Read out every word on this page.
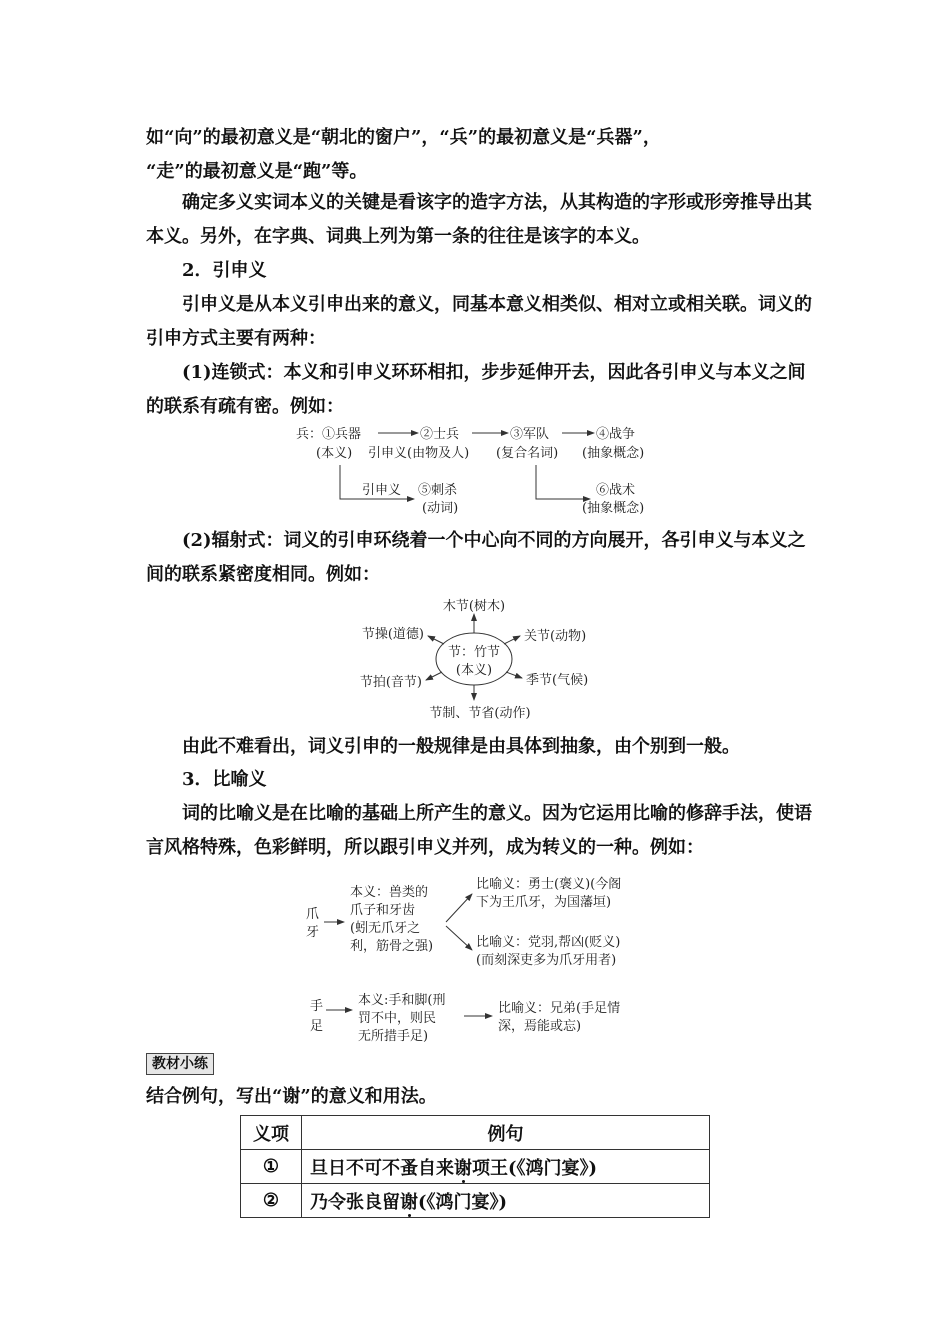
如“向”的最初意义是“朝北的窗户”，“兵”的最初意义是“兵器”，
“走”的最初意义是“跑”等。

确定多义实词本义的关键是看该字的造字方法，从其构造的字形或形旁推导出其本义。另外，在字典、词典上列为第一条的往往是该字的本义。

2．引申义

引申义是从本义引申出来的意义，同基本意义相类似、相对立或相关联。词义的引申方式主要有两种：

(1)连锁式：本义和引申义环环相扣，步步延伸开去，因此各引申义与本义之间的联系有疏有密。例如：

兵： ①兵器	②士兵	③军队	④战争
(本义) 引申义(由物及人) (复合名词) (抽象概念)
引申义 ⑤刺杀
(动词)
⑥战术
(抽象概念)

(2)辐射式：词义的引申环绕着一个中心向不同的方向展开，各引申义与本义之间的联系紧密度相同。例如：

节：竹节
(本义)
木节(树木)
节操(道德)	关节(动物)
节拍(音节)	季节(气候)
节制、节省(动作)

由此不难看出，词义引申的一般规律是由具体到抽象，由个别到一般。

3．比喻义

词的比喻义是在比喻的基础上所产生的意义。因为它运用比喻的修辞手法，使语言风格特殊，色彩鲜明，所以跟引申义并列，成为转义的一种。例如：

爪
牙
本义：兽类的
爪子和牙齿
(蚓无爪牙之
利，筋骨之强)
比喻义：勇士(褒义)(今阁
下为王爪牙，为国藩垣)
比喻义：党羽,帮凶(贬义)
(而刻深吏多为爪牙用者)
手
足
本义:手和脚(刑
罚不中，则民
无所措手足)
比喻义：兄弟(手足情
深，焉能或忘)
教材小练
结合例句，写出“谢”的意义和用法。
义项	例句
①	旦日不可不蚤自来谢项王(《鸿门宴》)
②	乃令张良留谢(《鸿门宴》)
